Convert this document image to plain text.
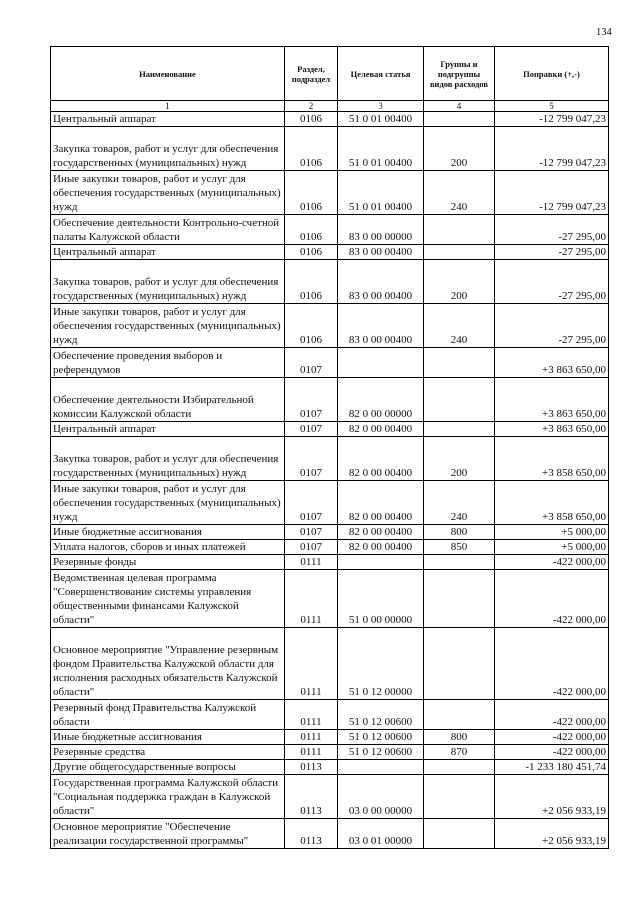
134
Наименование	Раздел, подраздел	Целевая статья	Группы и подгруппы видов расходов	Поправки (+,-)
1	2	3	4	5
Центральный аппарат	0106	51 0 01 00400		-12 799 047,23
Закупка товаров, работ и услуг для обеспечения государственных (муниципальных) нужд	0106	51 0 01 00400	200	-12 799 047,23
Иные закупки товаров, работ и услуг для обеспечения государственных (муниципальных) нужд	0106	51 0 01 00400	240	-12 799 047,23
Обеспечение деятельности Контрольно-счетной палаты Калужской области	0106	83 0 00 00000		-27 295,00
Центральный аппарат	0106	83 0 00 00400		-27 295,00
Закупка товаров, работ и услуг для обеспечения государственных (муниципальных) нужд	0106	83 0 00 00400	200	-27 295,00
Иные закупки товаров, работ и услуг для обеспечения государственных (муниципальных) нужд	0106	83 0 00 00400	240	-27 295,00
Обеспечение проведения выборов и референдумов	0107			+3 863 650,00
Обеспечение деятельности Избирательной комиссии Калужской области	0107	82 0 00 00000		+3 863 650,00
Центральный аппарат	0107	82 0 00 00400		+3 863 650,00
Закупка товаров, работ и услуг для обеспечения государственных (муниципальных) нужд	0107	82 0 00 00400	200	+3 858 650,00
Иные закупки товаров, работ и услуг для обеспечения государственных (муниципальных) нужд	0107	82 0 00 00400	240	+3 858 650,00
Иные бюджетные ассигнования	0107	82 0 00 00400	800	+5 000,00
Уплата налогов, сборов и иных платежей	0107	82 0 00 00400	850	+5 000,00
Резервные фонды	0111			-422 000,00
Ведомственная целевая программа "Совершенствование системы управления общественными финансами Калужской области"	0111	51 0 00 00000		-422 000,00
Основное мероприятие "Управление резервным фондом Правительства Калужской области для исполнения расходных обязательств Калужской области"	0111	51 0 12 00000		-422 000,00
Резервный фонд Правительства Калужской области	0111	51 0 12 00600		-422 000,00
Иные бюджетные ассигнования	0111	51 0 12 00600	800	-422 000,00
Резервные средства	0111	51 0 12 00600	870	-422 000,00
Другие общегосударственные вопросы	0113			-1 233 180 451,74
Государственная программа Калужской области "Социальная поддержка граждан в Калужской области"	0113	03 0 00 00000		+2 056 933,19
Основное мероприятие "Обеспечение реализации государственной программы"	0113	03 0 01 00000		+2 056 933,19
